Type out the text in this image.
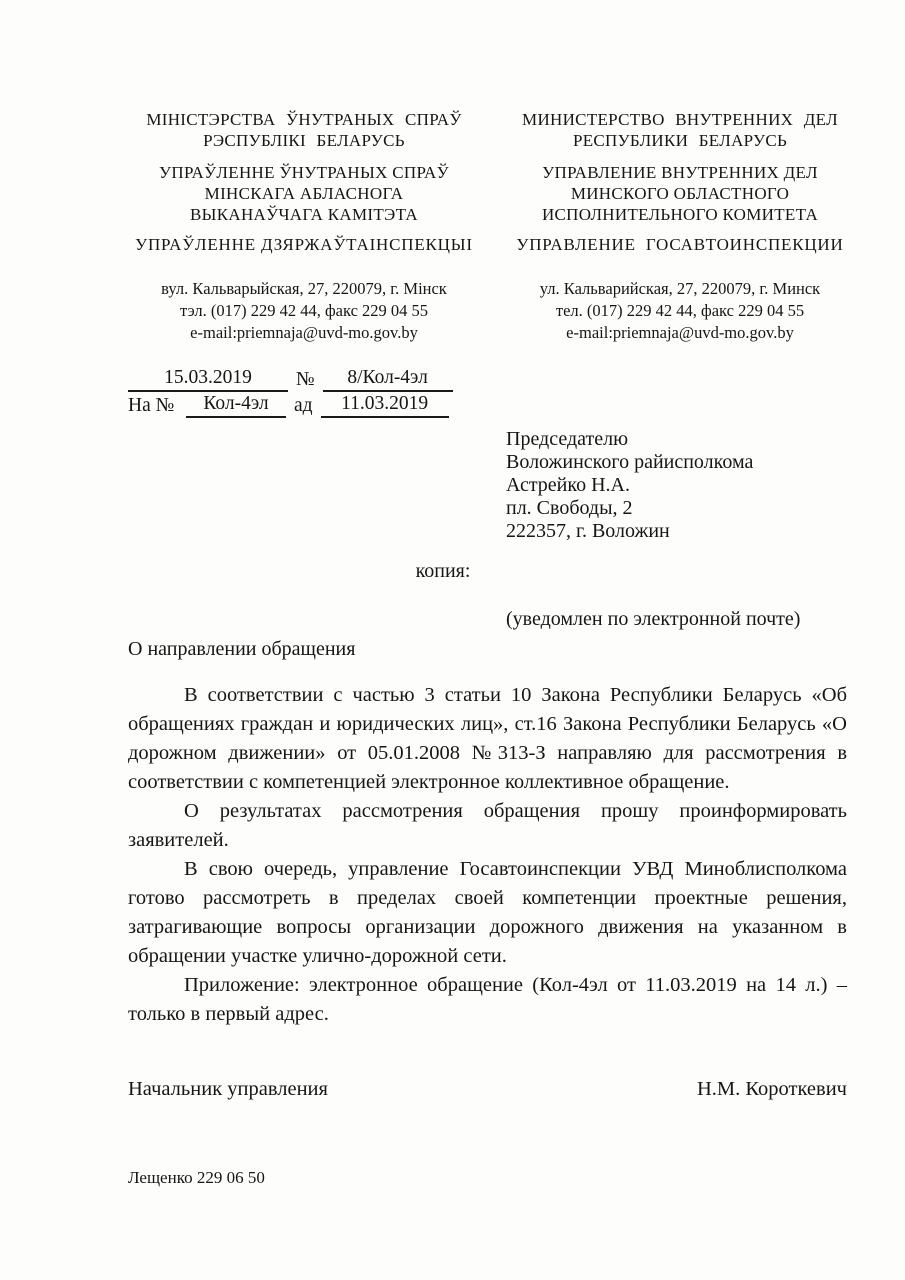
МІНІСТЭРСТВА ЎНУТРАНЫХ СПРАЎ
РЭСПУБЛІКІ БЕЛАРУСЬ
УПРАЎЛЕННЕ ЎНУТРАНЫХ СПРАЎ
МІНСКАГА АБЛАСНОГА
ВЫКАНАЎЧАГА КАМІТЭТА
УПРАЎЛЕННЕ ДЗЯРЖАЎТАІНСПЕКЦЫІ
вул. Кальварыйская, 27, 220079, г. Мінск
тэл. (017) 229 42 44, факс 229 04 55
e-mail:priemnaja@uvd-mo.gov.by
МИНИСТЕРСТВО ВНУТРЕННИХ ДЕЛ
РЕСПУБЛИКИ БЕЛАРУСЬ
УПРАВЛЕНИЕ ВНУТРЕННИХ ДЕЛ
МИНСКОГО ОБЛАСТНОГО
ИСПОЛНИТЕЛЬНОГО КОМИТЕТА
УПРАВЛЕНИЕ ГОСАВТОИНСПЕКЦИИ
ул. Кальварийская, 27, 220079, г. Минск
тел. (017) 229 42 44, факс 229 04 55
e-mail:priemnaja@uvd-mo.gov.by
15.03.2019	№	8/Кол-4эл
На №	Кол-4эл	ад	11.03.2019
Председателю
Воложинского райисполкома
Астрейко Н.А.
пл. Свободы, 2
222357, г. Воложин
копия:
(уведомлен по электронной почте)
О направлении обращения

В соответствии с частью 3 статьи 10 Закона Республики Беларусь «Об обращениях граждан и юридических лиц», ст.16 Закона Республики Беларусь «О дорожном движении» от 05.01.2008 №313-З направляю для рассмотрения в соответствии с компетенцией электронное коллективное обращение.

О результатах рассмотрения обращения прошу проинформировать заявителей.

В свою очередь, управление Госавтоинспекции УВД Миноблисполкома готово рассмотреть в пределах своей компетенции проектные решения, затрагивающие вопросы организации дорожного движения на указанном в обращении участке улично-дорожной сети.

Приложение: электронное обращение (Кол-4эл от 11.03.2019 на 14 л.) – только в первый адрес.

Начальник управления	Н.М. Короткевич
Лещенко 229 06 50
